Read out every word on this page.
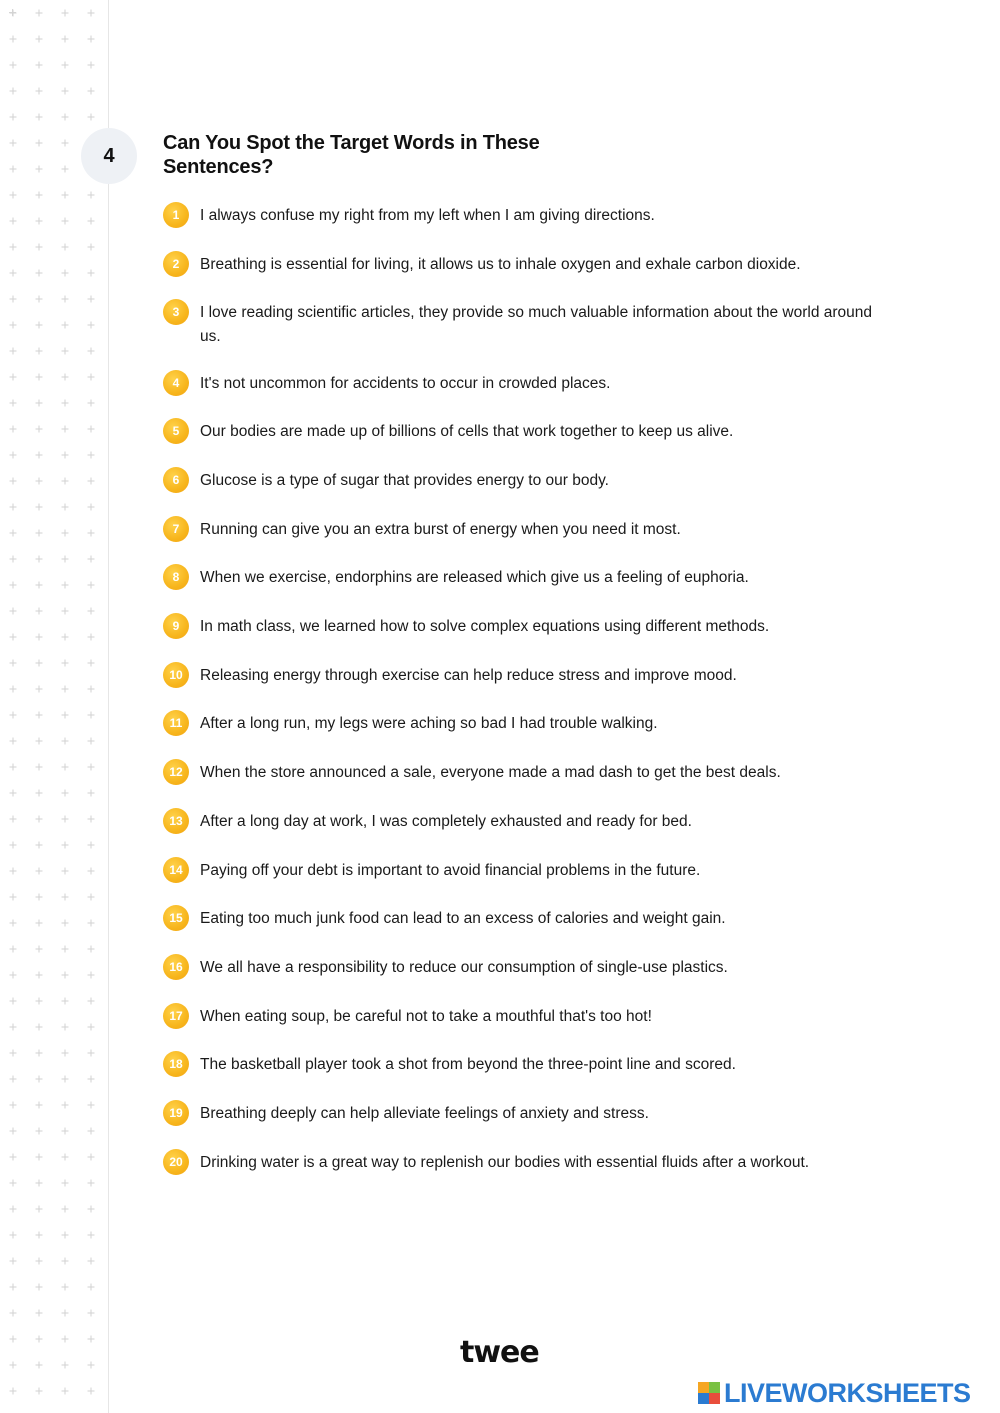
4
Can You Spot the Target Words in These Sentences?
1	I always confuse my right from my left when I am giving directions.
2	Breathing is essential for living, it allows us to inhale oxygen and exhale carbon dioxide.
3	I love reading scientific articles, they provide so much valuable information about the world around us.
4	It's not uncommon for accidents to occur in crowded places.
5	Our bodies are made up of billions of cells that work together to keep us alive.
6	Glucose is a type of sugar that provides energy to our body.
7	Running can give you an extra burst of energy when you need it most.
8	When we exercise, endorphins are released which give us a feeling of euphoria.
9	In math class, we learned how to solve complex equations using different methods.
10	Releasing energy through exercise can help reduce stress and improve mood.
11	After a long run, my legs were aching so bad I had trouble walking.
12	When the store announced a sale, everyone made a mad dash to get the best deals.
13	After a long day at work, I was completely exhausted and ready for bed.
14	Paying off your debt is important to avoid financial problems in the future.
15	Eating too much junk food can lead to an excess of calories and weight gain.
16	We all have a responsibility to reduce our consumption of single-use plastics.
17	When eating soup, be careful not to take a mouthful that's too hot!
18	The basketball player took a shot from beyond the three-point line and scored.
19	Breathing deeply can help alleviate feelings of anxiety and stress.
20	Drinking water is a great way to replenish our bodies with essential fluids after a workout.
twee
LIVEWORKSHEETS
